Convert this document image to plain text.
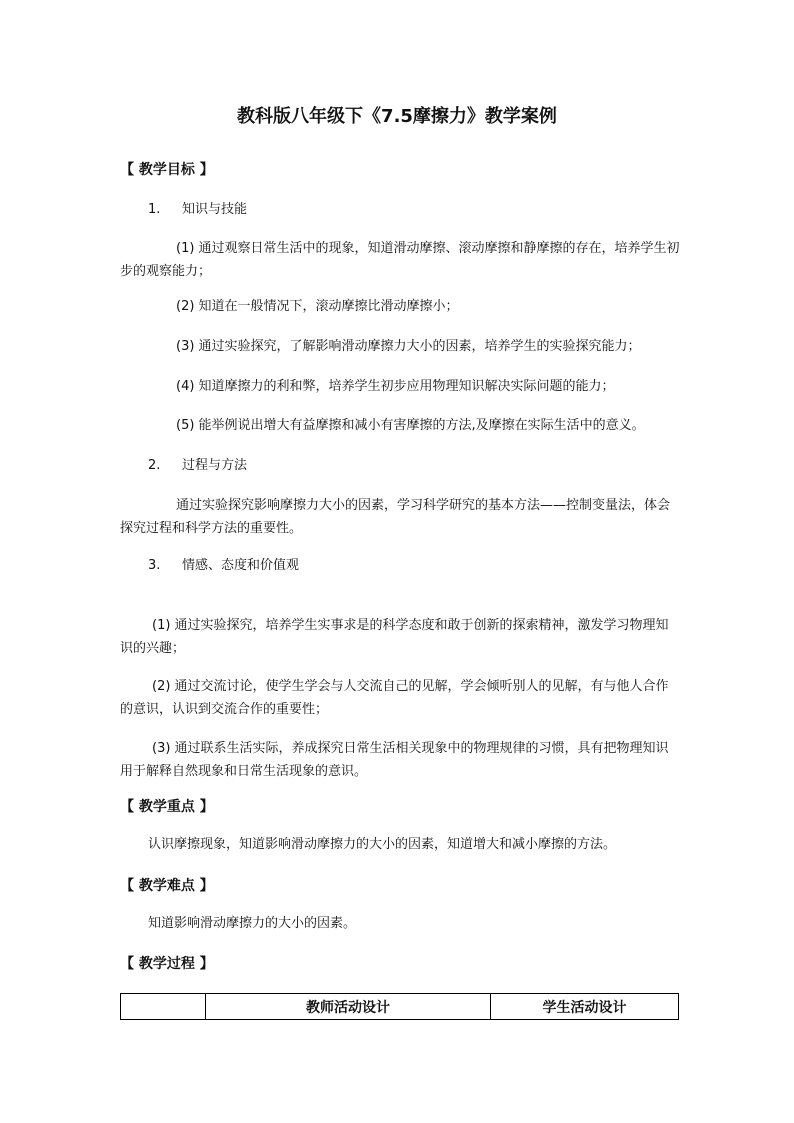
教科版八年级下《7.5摩擦力》教学案例
【 教学目标 】
1. 知识与技能
(1) 通过观察日常生活中的现象，知道滑动摩擦、滚动摩擦和静摩擦的存在，培养学生初步的观察能力；
(2) 知道在一般情况下，滚动摩擦比滑动摩擦小；
(3) 通过实验探究，了解影响滑动摩擦力大小的因素，培养学生的实验探究能力；
(4) 知道摩擦力的利和弊，培养学生初步应用物理知识解决实际问题的能力；
(5) 能举例说出增大有益摩擦和减小有害摩擦的方法,及摩擦在实际生活中的意义。
2. 过程与方法
通过实验探究影响摩擦力大小的因素，学习科学研究的基本方法——控制变量法，体会探究过程和科学方法的重要性。
3. 情感、态度和价值观
(1) 通过实验探究，培养学生实事求是的科学态度和敢于创新的探索精神，激发学习物理知识的兴趣；
(2) 通过交流讨论，使学生学会与人交流自己的见解，学会倾听别人的见解，有与他人合作的意识，认识到交流合作的重要性；
(3) 通过联系生活实际，养成探究日常生活相关现象中的物理规律的习惯，具有把物理知识用于解释自然现象和日常生活现象的意识。
【 教学重点 】
认识摩擦现象，知道影响滑动摩擦力的大小的因素，知道增大和减小摩擦的方法。
【 教学难点 】
知道影响滑动摩擦力的大小的因素。
【 教学过程 】
	教师活动设计	学生活动设计
